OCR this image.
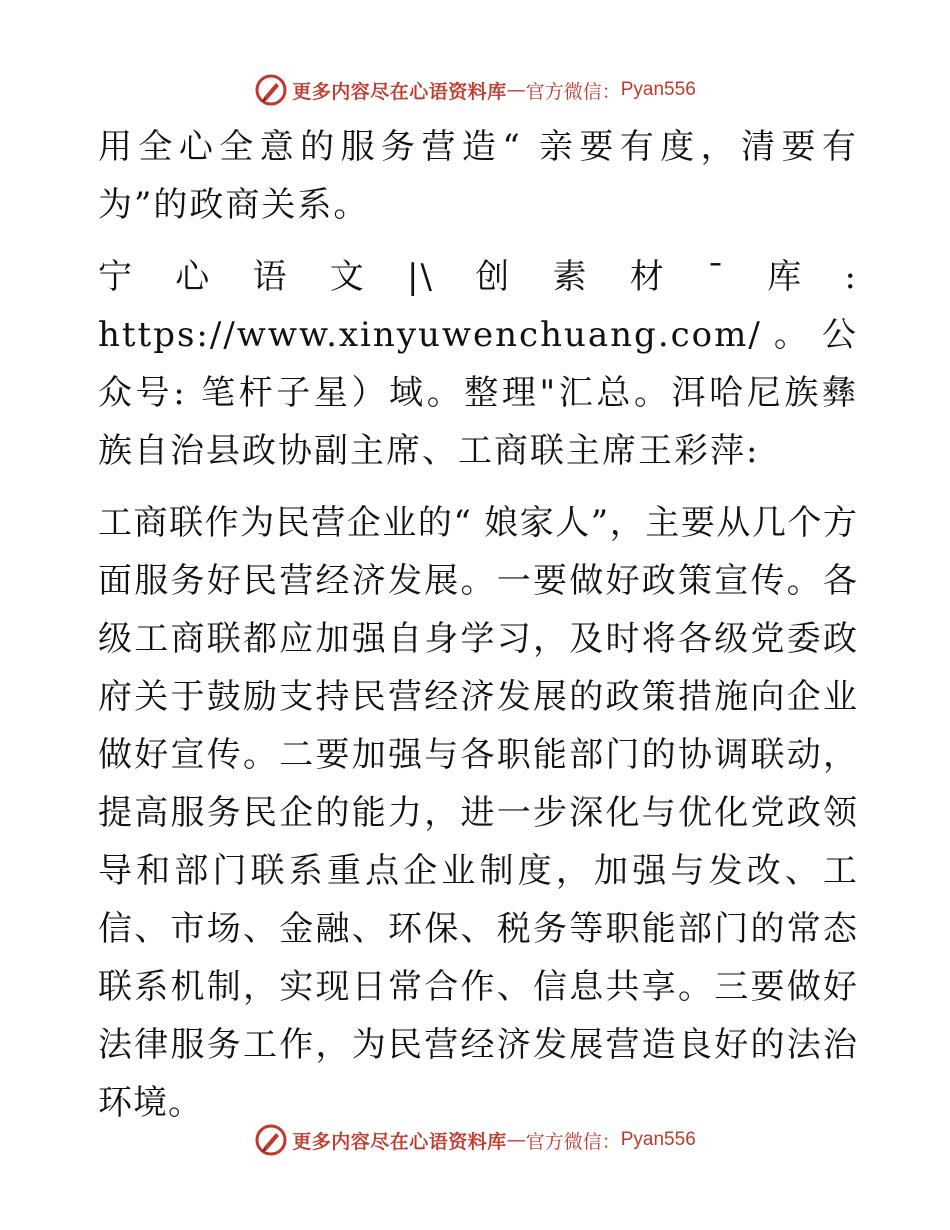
更多内容尽在心语资料库 — 官方微信： Pyan556

用全心全意的服务营造“ 亲要有度，清要有为”的政商关系。

宁心语文|\创素材¯库: https://www.xinyuwenchuang.com/。公众号: 笔杆子星）域。整理"汇总。洱哈尼族彝族自治县政协副主席、工商联主席王彩萍:

工商联作为民营企业的“ 娘家人”，主要从几个方面服务好民营经济发展。一要做好政策宣传。各级工商联都应加强自身学习，及时将各级党委政府关于鼓励支持民营经济发展的政策措施向企业做好宣传。二要加强与各职能部门的协调联动，提高服务民企的能力，进一步深化与优化党政领导和部门联系重点企业制度，加强与发改、工信、市场、金融、环保、税务等职能部门的常态联系机制，实现日常合作、信息共享。三要做好法律服务工作，为民营经济发展营造良好的法治环境。

更多内容尽在心语资料库 — 官方微信： Pyan556
